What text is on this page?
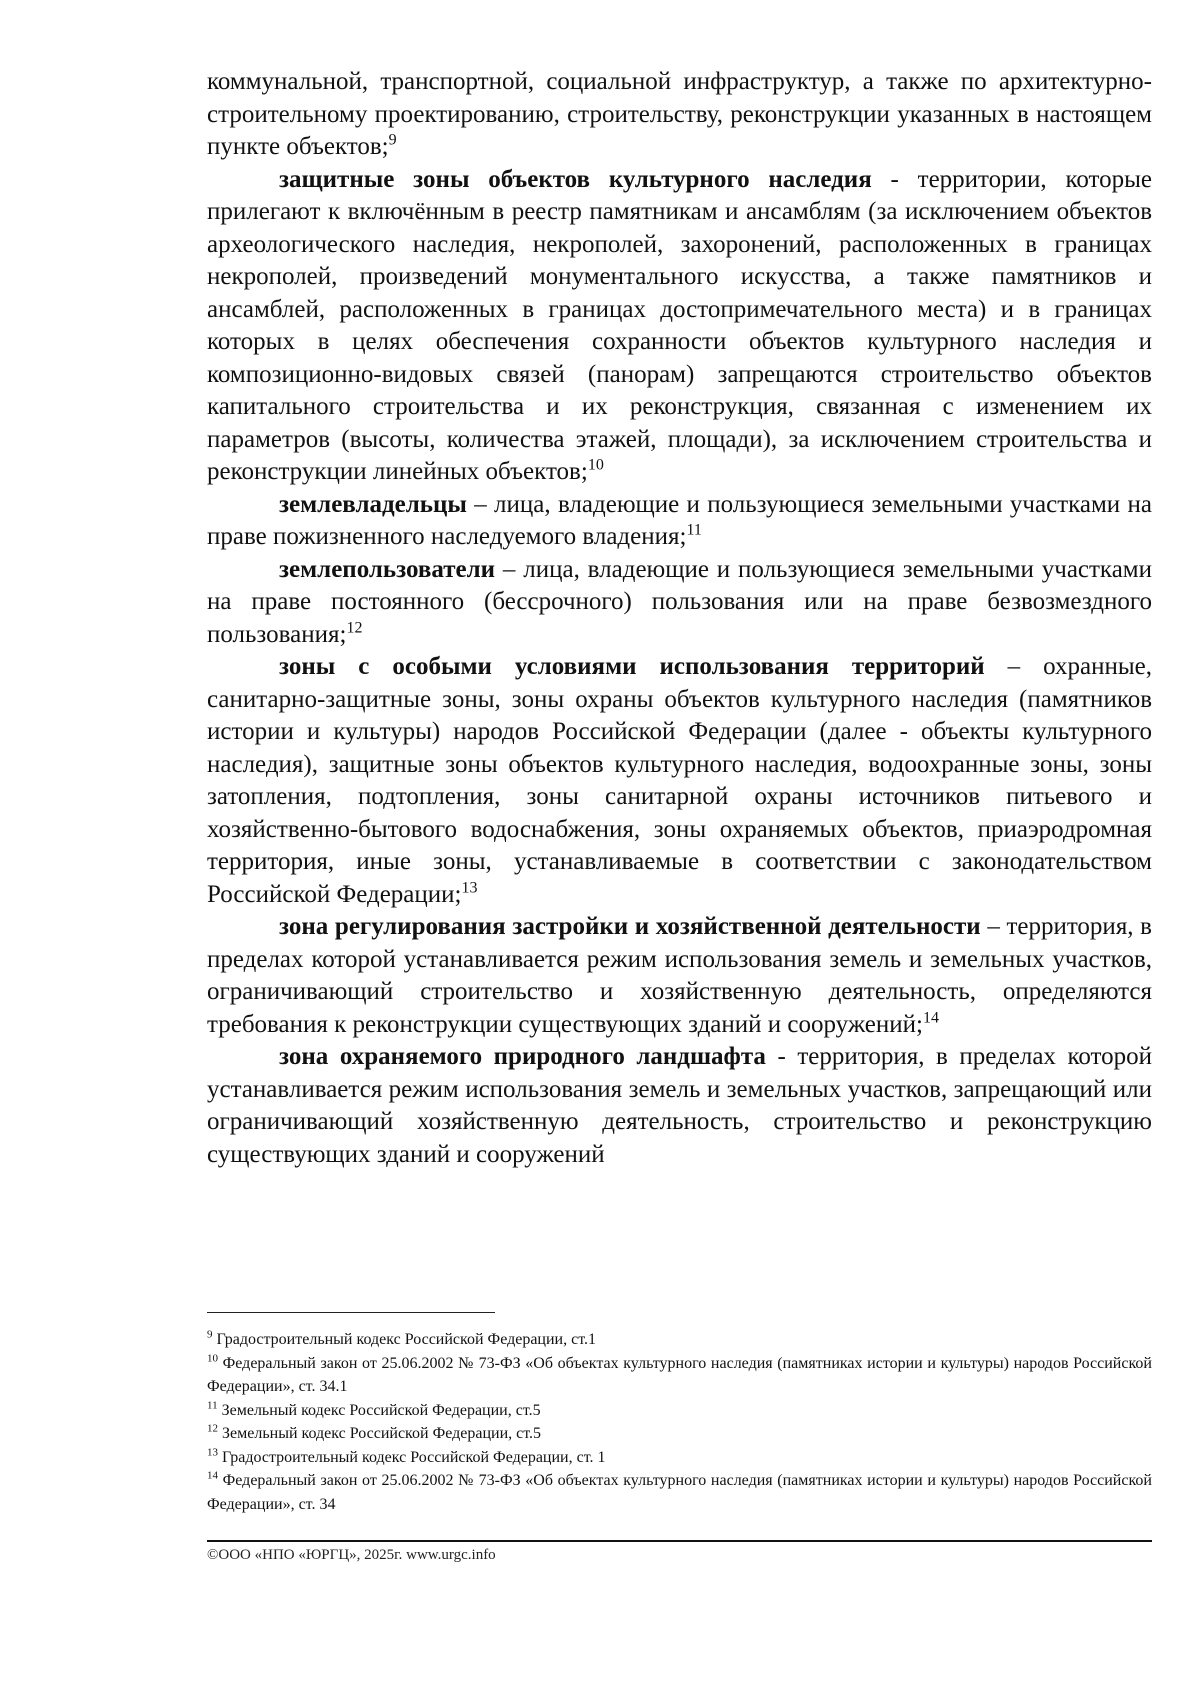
коммунальной, транспортной, социальной инфраструктур, а также по архитектурно-строительному проектированию, строительству, реконструкции указанных в настоящем пункте объектов;$^9$

защитные зоны объектов культурного наследия - территории, которые прилегают к включённым в реестр памятникам и ансамблям (за исключением объектов археологического наследия, некрополей, захоронений, расположенных в границах некрополей, произведений монументального искусства, а также памятников и ансамблей, расположенных в границах достопримечательного места) и в границах которых в целях обеспечения сохранности объектов культурного наследия и композиционно-видовых связей (панорам) запрещаются строительство объектов капитального строительства и их реконструкция, связанная с изменением их параметров (высоты, количества этажей, площади), за исключением строительства и реконструкции линейных объектов;$^{10}$

землевладельцы – лица, владеющие и пользующиеся земельными участками на праве пожизненного наследуемого владения;$^{11}$

землепользователи – лица, владеющие и пользующиеся земельными участками на праве постоянного (бессрочного) пользования или на праве безвозмездного пользования;$^{12}$

зоны с особыми условиями использования территорий – охранные, санитарно-защитные зоны, зоны охраны объектов культурного наследия (памятников истории и культуры) народов Российской Федерации (далее - объекты культурного наследия), защитные зоны объектов культурного наследия, водоохранные зоны, зоны затопления, подтопления, зоны санитарной охраны источников питьевого и хозяйственно-бытового водоснабжения, зоны охраняемых объектов, приаэродромная территория, иные зоны, устанавливаемые в соответствии с законодательством Российской Федерации;$^{13}$

зона регулирования застройки и хозяйственной деятельности – территория, в пределах которой устанавливается режим использования земель и земельных участков, ограничивающий строительство и хозяйственную деятельность, определяются требования к реконструкции существующих зданий и сооружений;$^{14}$

зона охраняемого природного ландшафта - территория, в пределах которой устанавливается режим использования земель и земельных участков, запрещающий или ограничивающий хозяйственную деятельность, строительство и реконструкцию существующих зданий и сооружений

$^9$ Градостроительный кодекс Российской Федерации, ст.1

$^{10}$ Федеральный закон от 25.06.2002 № 73-ФЗ «Об объектах культурного наследия (памятниках истории и культуры) народов Российской Федерации», ст. 34.1

$^{11}$ Земельный кодекс Российской Федерации, ст.5

$^{12}$ Земельный кодекс Российской Федерации, ст.5

$^{13}$ Градостроительный кодекс Российской Федерации, ст. 1

$^{14}$ Федеральный закон от 25.06.2002 № 73-ФЗ «Об объектах культурного наследия (памятниках истории и культуры) народов Российской Федерации», ст. 34

©ООО «НПО «ЮРГЦ», 2025г. www.urgc.info
